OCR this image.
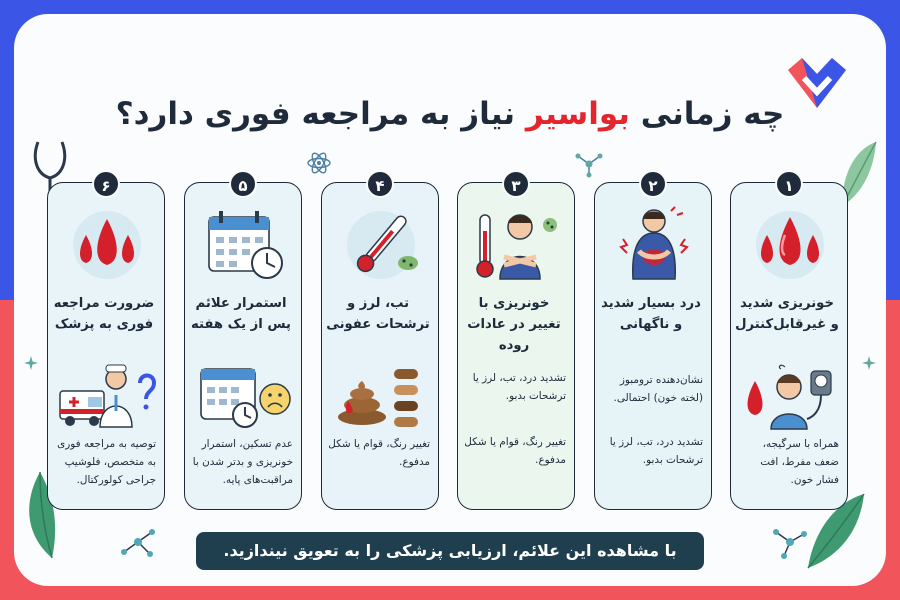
چه زمانی بواسیر نیاز به مراجعه فوری دارد؟
خونریزی شدید و غیرقابل‌کنترل
همراه با سرگیجه، ضعف مفرط، افت فشار خون.
۱
درد بسیار شدید و ناگهانی
نشان‌دهنده ترومبوز (لخته خون) احتمالی.
تشدید درد، تب، لرز یا ترشحات بدبو.
۲
خونریزی با تغییر در عادات روده
تشدید درد، تب، لرز یا ترشحات بدبو.
تغییر رنگ، قوام یا شکل مدفوع.
۳
تب، لرز و ترشحات عفونی
تغییر رنگ، قوام یا شکل مدفوع.
۴
استمرار علائم پس از یک هفته
عدم تسکین، استمرار خونریزی و بدتر شدن با مراقبت‌های پایه.
۵
ضرورت مراجعه فوری به پزشک
توصیه به مراجعه فوری به متخصص، فلوشیپ جراحی کولورکتال.
۶
با مشاهده این علائم، ارزیابی پزشکی را به تعویق نیندازید.
